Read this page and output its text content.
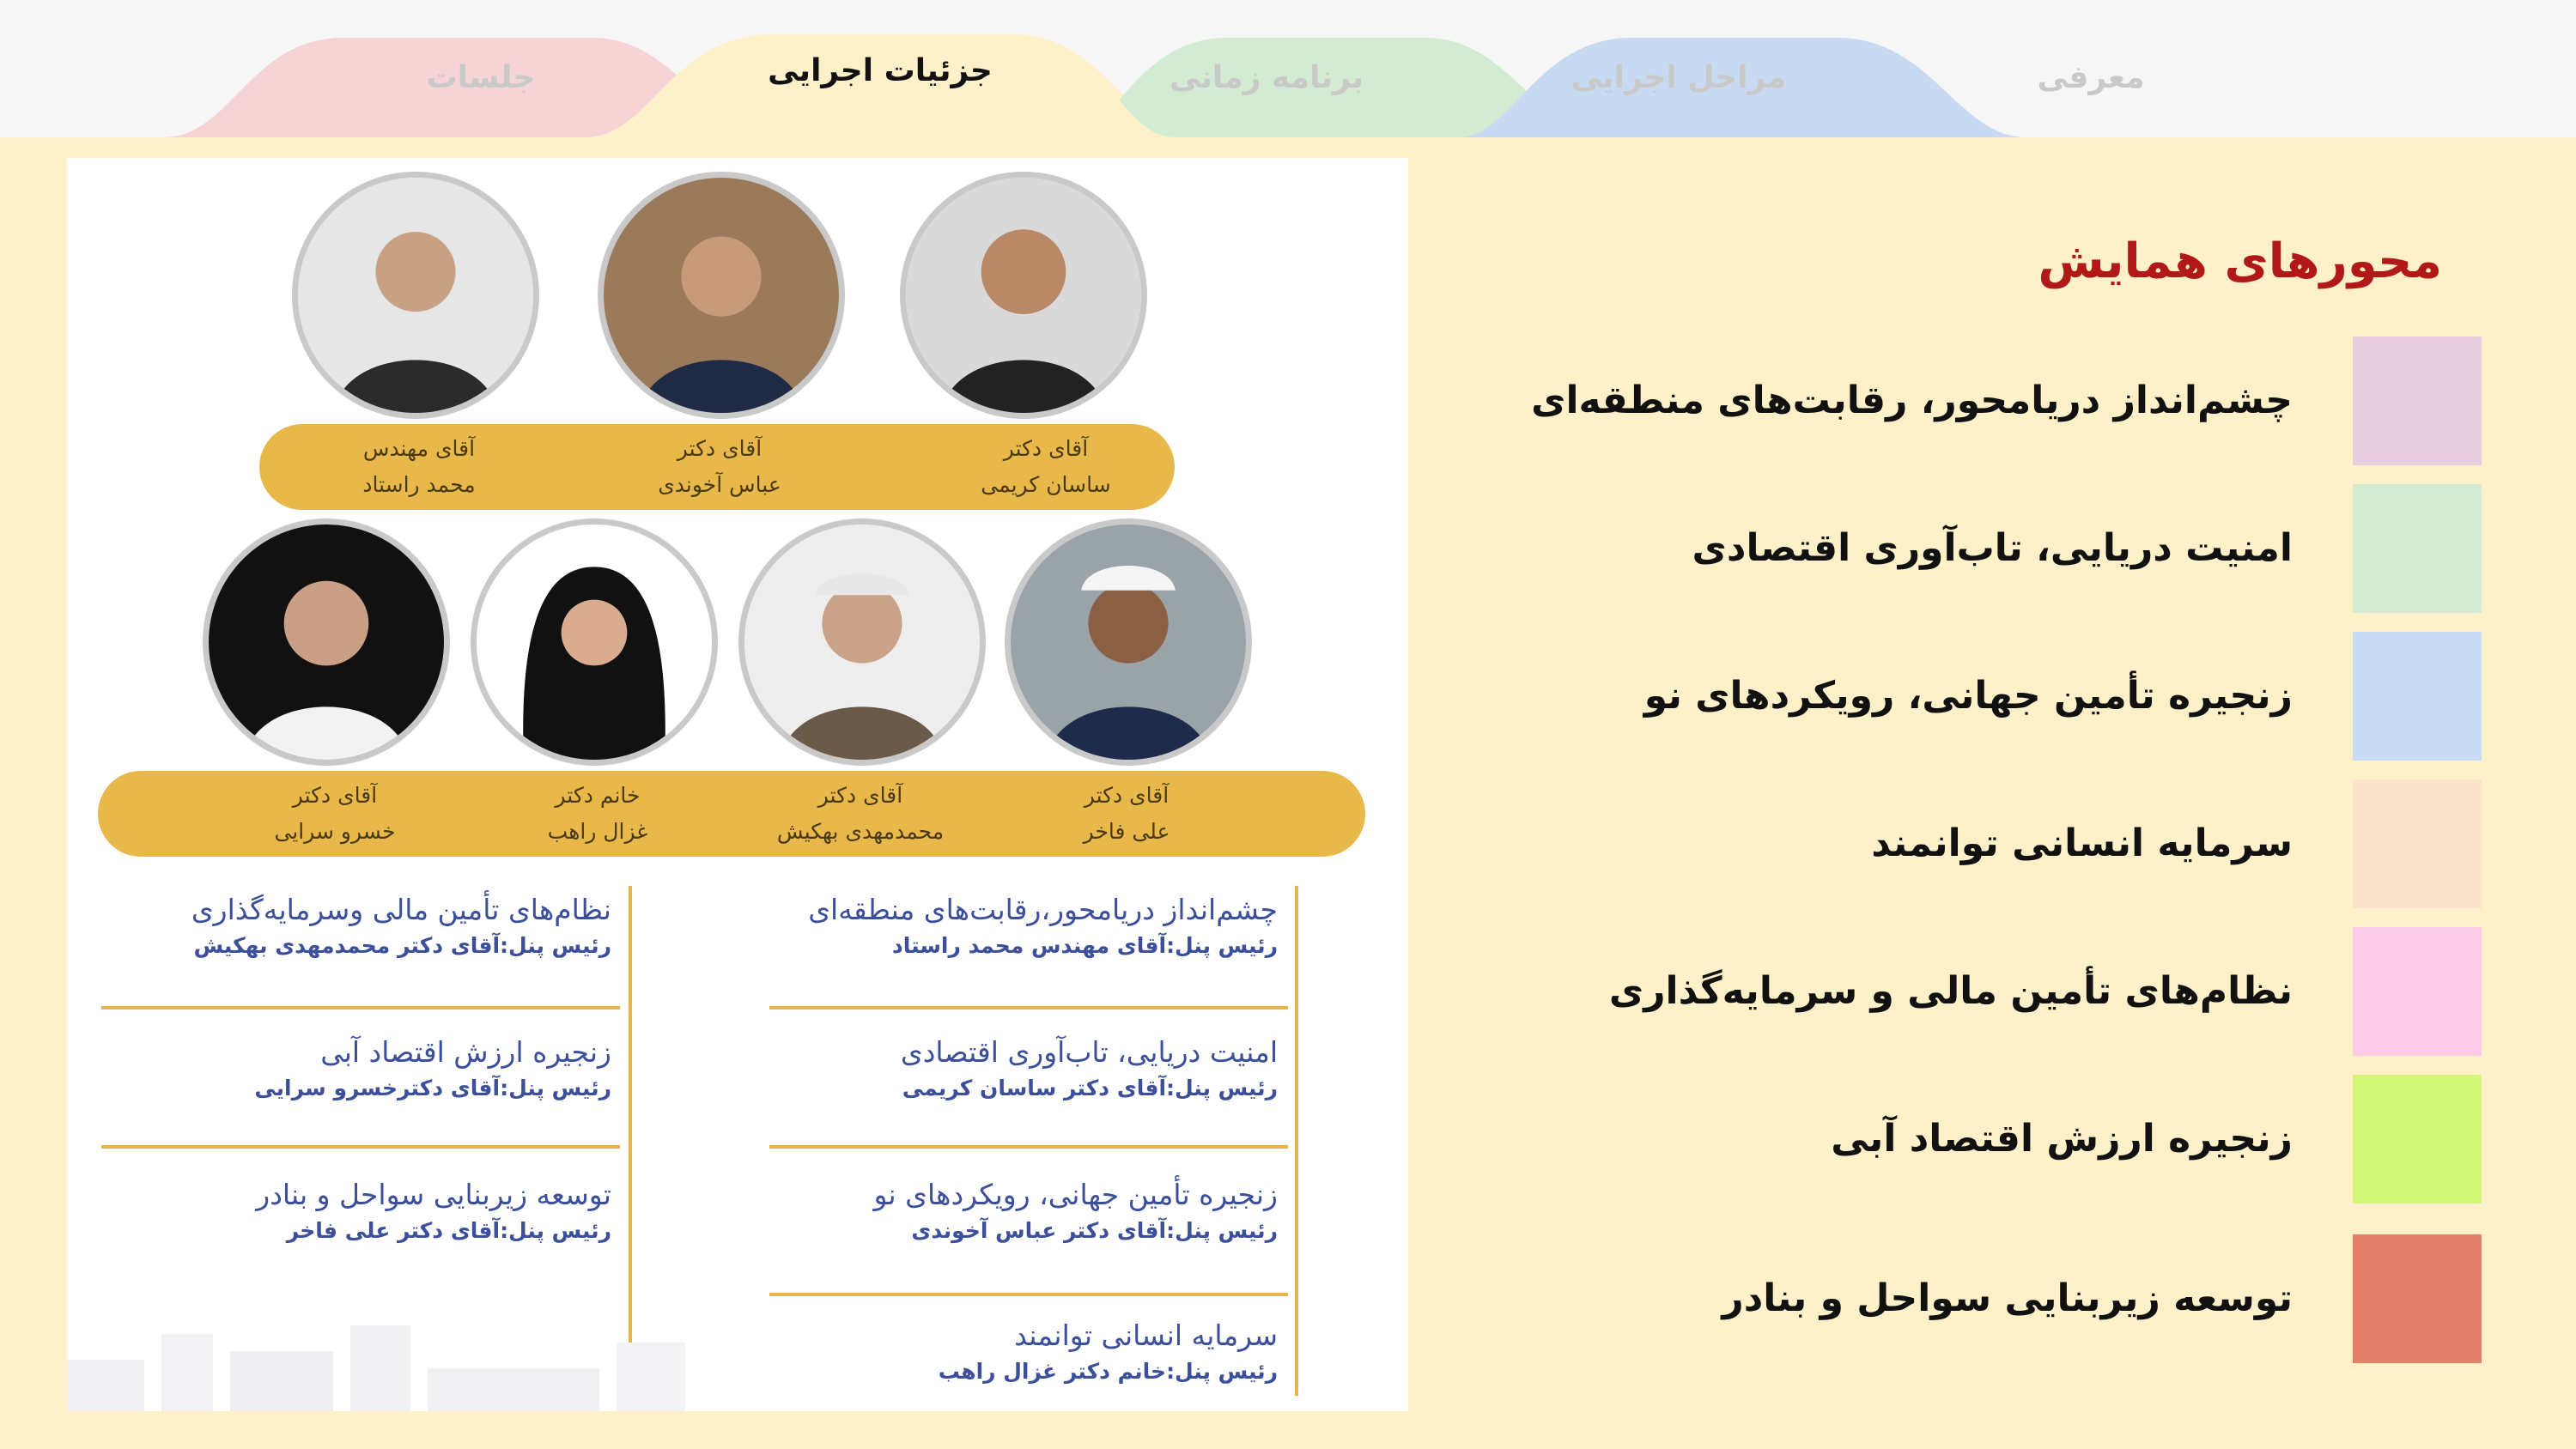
معرفی
مراحل اجرایی
برنامه زمانی
جزئیات اجرایی
جلسات
آقای دکتر
ساسان کریمی
آقای دکتر
عباس آخوندی
آقای مهندس
محمد راستاد
آقای دکتر
علی فاخر
آقای دکتر
محمدمهدی بهکیش
خانم دکتر
غزال راهب
آقای دکتر
خسرو سرایی
چشم‌انداز دریامحور،رقابت‌های منطقه‌ای
رئیس پنل:آقای مهندس محمد راستاد
امنیت دریایی، تاب‌آوری اقتصادی
رئیس پنل:آقای دکتر ساسان کریمی
زنجیره تأمین جهانی، رویکردهای نو
رئیس پنل:آقای دکتر عباس آخوندی
سرمایه انسانی توانمند
رئیس پنل:خانم دکتر غزال راهب
نظام‌های تأمین مالی وسرمایه‌گذاری
رئیس پنل:آقای دکتر محمدمهدی بهکیش
زنجیره ارزش اقتصاد آبی
رئیس پنل:آقای دکترخسرو سرایی
توسعه زیربنایی سواحل و بنادر
رئیس پنل:آقای دکتر علی فاخر
محورهای همایش
چشم‌انداز دریامحور، رقابت‌های منطقه‌ای
امنیت دریایی، تاب‌آوری اقتصادی
زنجیره تأمین جهانی، رویکردهای نو
سرمایه انسانی توانمند
نظام‌های تأمین مالی و سرمایه‌گذاری
زنجیره ارزش اقتصاد آبی
توسعه زیربنایی سواحل و بنادر
